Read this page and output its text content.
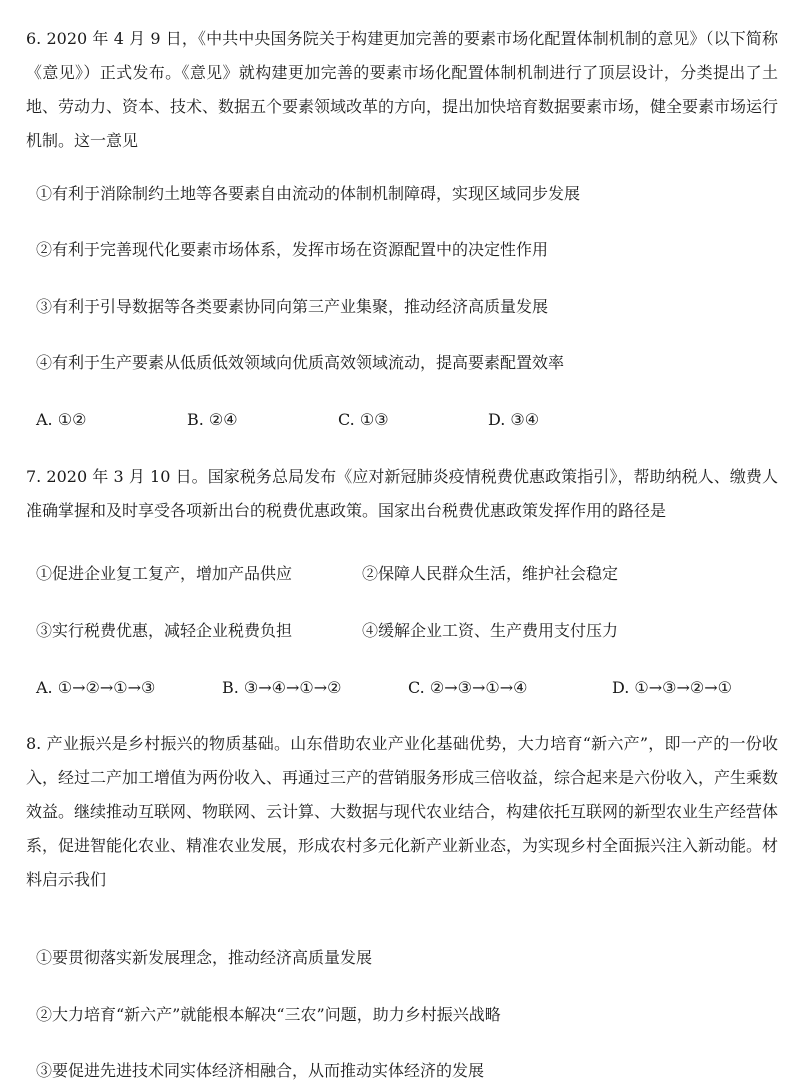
6. 2020 年 4 月 9 日，《中共中央国务院关于构建更加完善的要素市场化配置体制机制的意见》（以下简称《意见》）正式发布。《意见》就构建更加完善的要素市场化配置体制机制进行了顶层设计，分类提出了土地、劳动力、资本、技术、数据五个要素领域改革的方向，提出加快培育数据要素市场，健全要素市场运行机制。这一意见
①有利于消除制约土地等各要素自由流动的体制机制障碍，实现区域同步发展
②有利于完善现代化要素市场体系，发挥市场在资源配置中的决定性作用
③有利于引导数据等各类要素协同向第三产业集聚，推动经济高质量发展
④有利于生产要素从低质低效领域向优质高效领域流动，提高要素配置效率
A. ①②	B. ②④	C. ①③	D. ③④
7. 2020 年 3 月 10 日。国家税务总局发布《应对新冠肺炎疫情税费优惠政策指引》，帮助纳税人、缴费人准确掌握和及时享受各项新出台的税费优惠政策。国家出台税费优惠政策发挥作用的路径是
①促进企业复工复产，增加产品供应	②保障人民群众生活，维护社会稳定
③实行税费优惠，减轻企业税费负担	④缓解企业工资、生产费用支付压力
A. ①→②→①→③	B. ③→④→①→②	C. ②→③→①→④	D. ①→③→②→①
8. 产业振兴是乡村振兴的物质基础。山东借助农业产业化基础优势，大力培育“新六产”，即一产的一份收入，经过二产加工增值为两份收入、再通过三产的营销服务形成三倍收益，综合起来是六份收入，产生乘数效益。继续推动互联网、物联网、云计算、大数据与现代农业结合，构建依托互联网的新型农业生产经营体系，促进智能化农业、精准农业发展，形成农村多元化新产业新业态，为实现乡村全面振兴注入新动能。材料启示我们
①要贯彻落实新发展理念，推动经济高质量发展
②大力培育“新六产”就能根本解决“三农”问题，助力乡村振兴战略
③要促进先进技术同实体经济相融合，从而推动实体经济的发展
